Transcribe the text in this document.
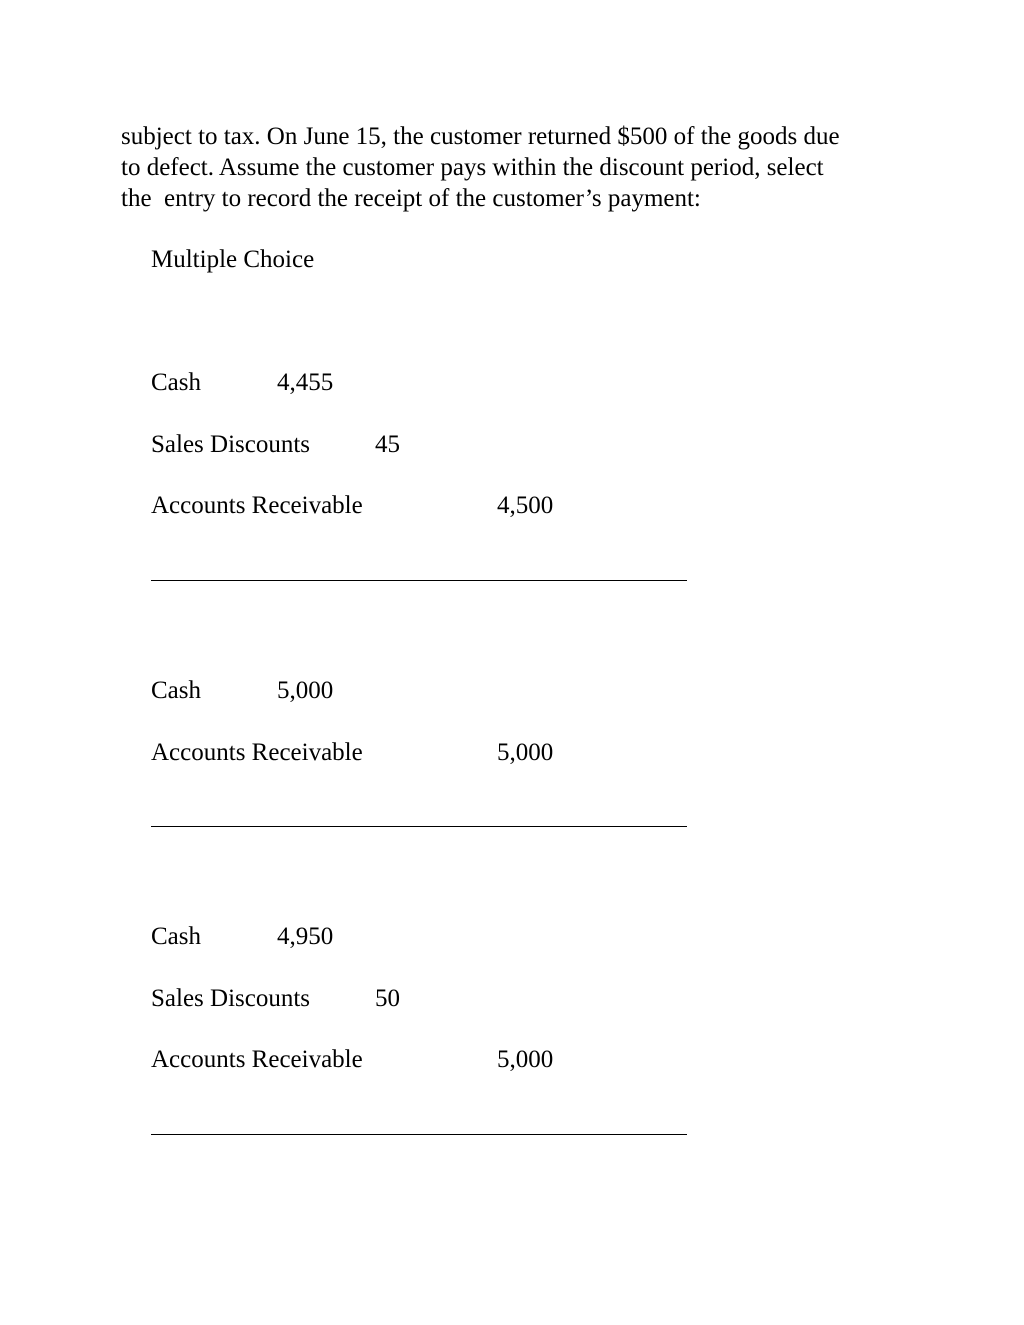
subject to tax. On June 15, the customer returned $500 of the goods due
to defect. Assume the customer pays within the discount period, select
the  entry to record the receipt of the customer’s payment:

Multiple Choice

Cash	4,455
Sales Discounts	45
Accounts Receivable	4,500
Cash	5,000
Accounts Receivable	5,000
Cash	4,950
Sales Discounts	50
Accounts Receivable	5,000
